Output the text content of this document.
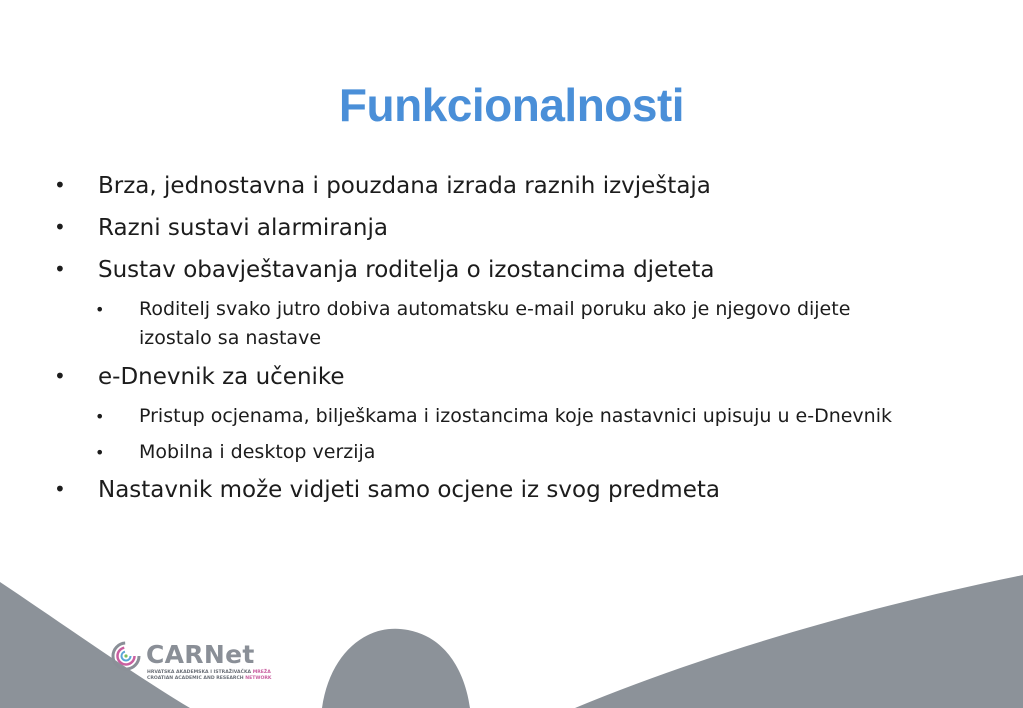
Funkcionalnosti
• Brza, jednostavna i pouzdana izrada raznih izvještaja
• Razni sustavi alarmiranja
• Sustav obavještavanja roditelja o izostancima djeteta
• Roditelj svako jutro dobiva automatsku e-mail poruku ako je njegovo dijete
izostalo sa nastave
• e-Dnevnik za učenike
• Pristup ocjenama, bilješkama i izostancima koje nastavnici upisuju u e-Dnevnik
• Mobilna i desktop verzija
• Nastavnik može vidjeti samo ocjene iz svog predmeta
CARNet
HRVATSKA AKADEMSKA I ISTRAŽIVAČKA MREŽA
CROATIAN ACADEMIC AND RESEARCH NETWORK
